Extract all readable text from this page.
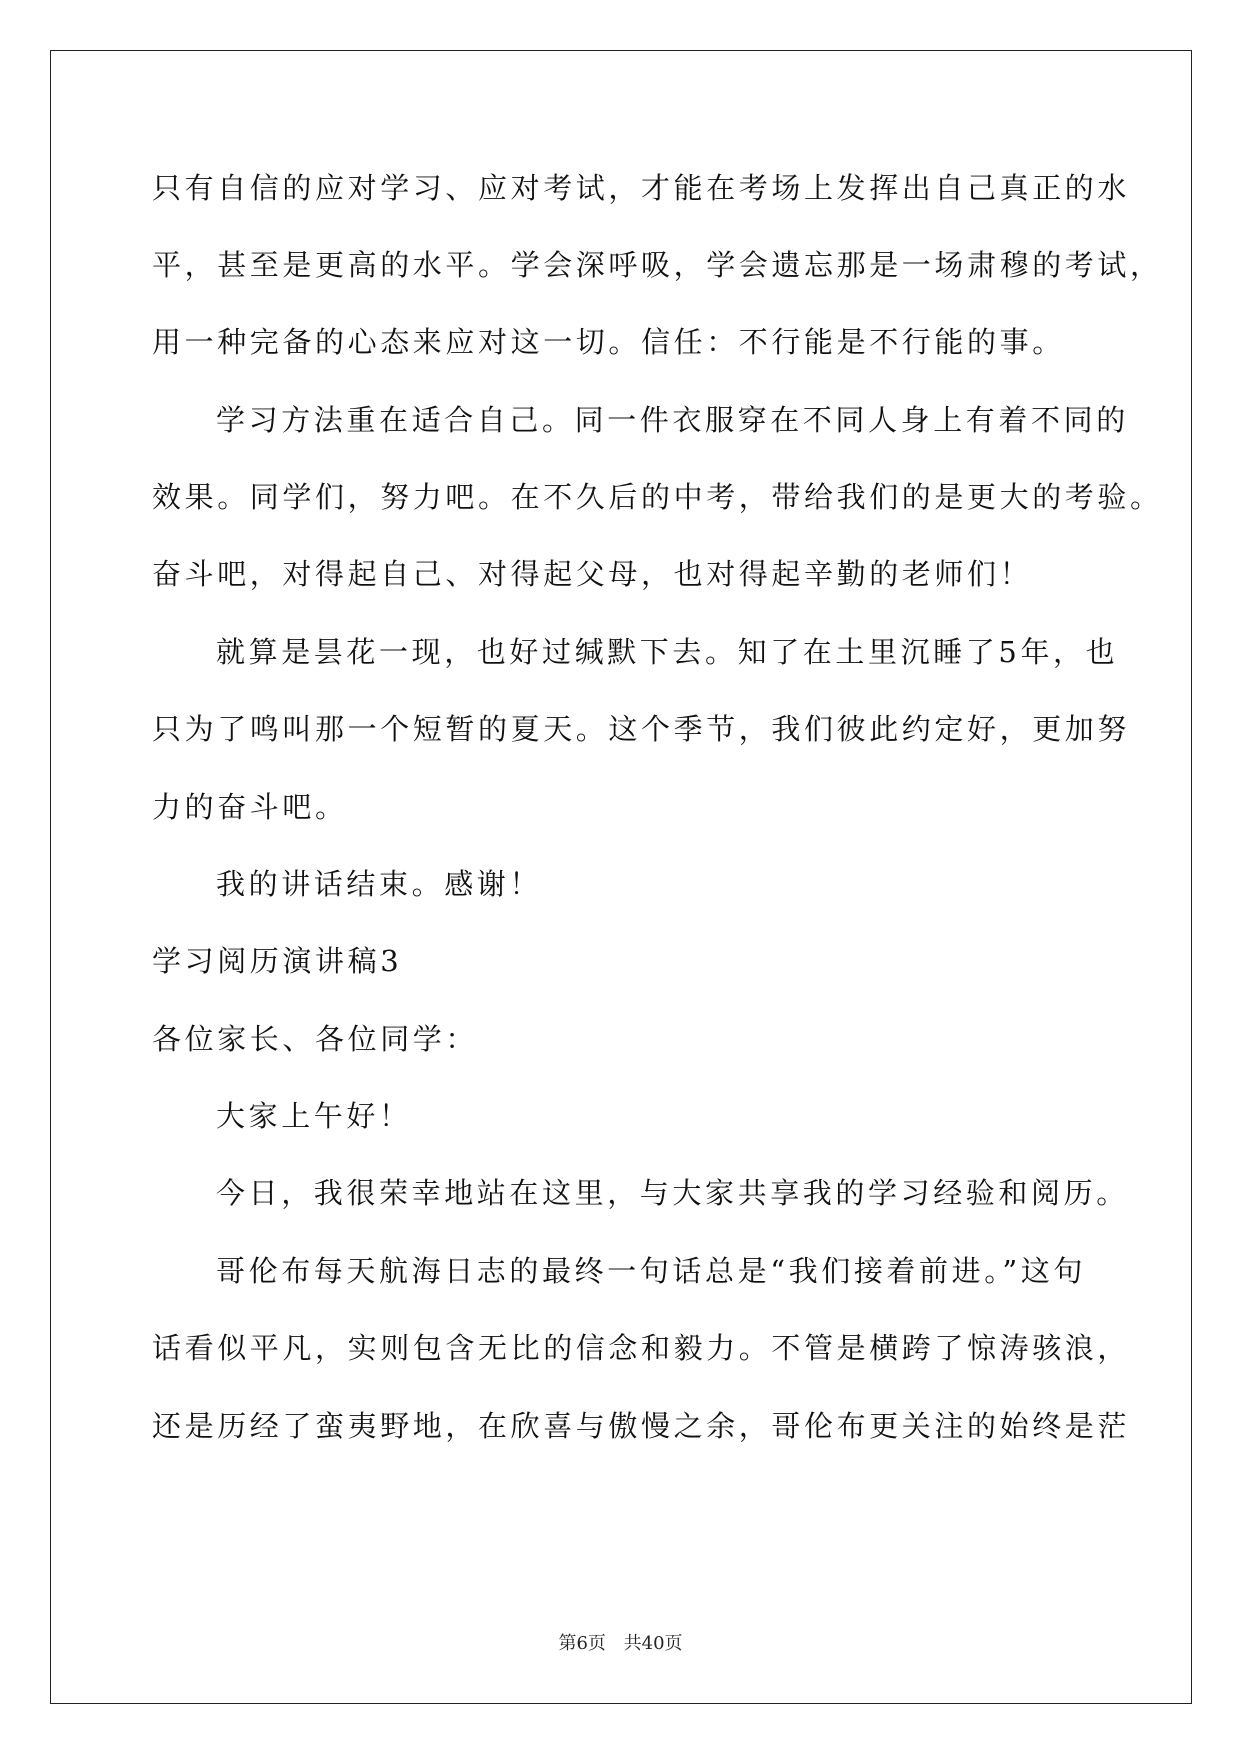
只有自信的应对学习、应对考试，才能在考场上发挥出自己真正的水
平，甚至是更高的水平。学会深呼吸，学会遗忘那是一场肃穆的考试，
用一种完备的心态来应对这一切。信任：不行能是不行能的事。
学习方法重在适合自己。同一件衣服穿在不同人身上有着不同的
效果。同学们，努力吧。在不久后的中考，带给我们的是更大的考验。
奋斗吧，对得起自己、对得起父母，也对得起辛勤的老师们！
就算是昙花一现，也好过缄默下去。知了在土里沉睡了5年，也
只为了鸣叫那一个短暂的夏天。这个季节，我们彼此约定好，更加努
力的奋斗吧。
我的讲话结束。感谢！
学习阅历演讲稿3
各位家长、各位同学：
大家上午好！
今日，我很荣幸地站在这里，与大家共享我的学习经验和阅历。
哥伦布每天航海日志的最终一句话总是“我们接着前进。”这句
话看似平凡，实则包含无比的信念和毅力。不管是横跨了惊涛骇浪，
还是历经了蛮夷野地，在欣喜与傲慢之余，哥伦布更关注的始终是茫
第6页 共40页
